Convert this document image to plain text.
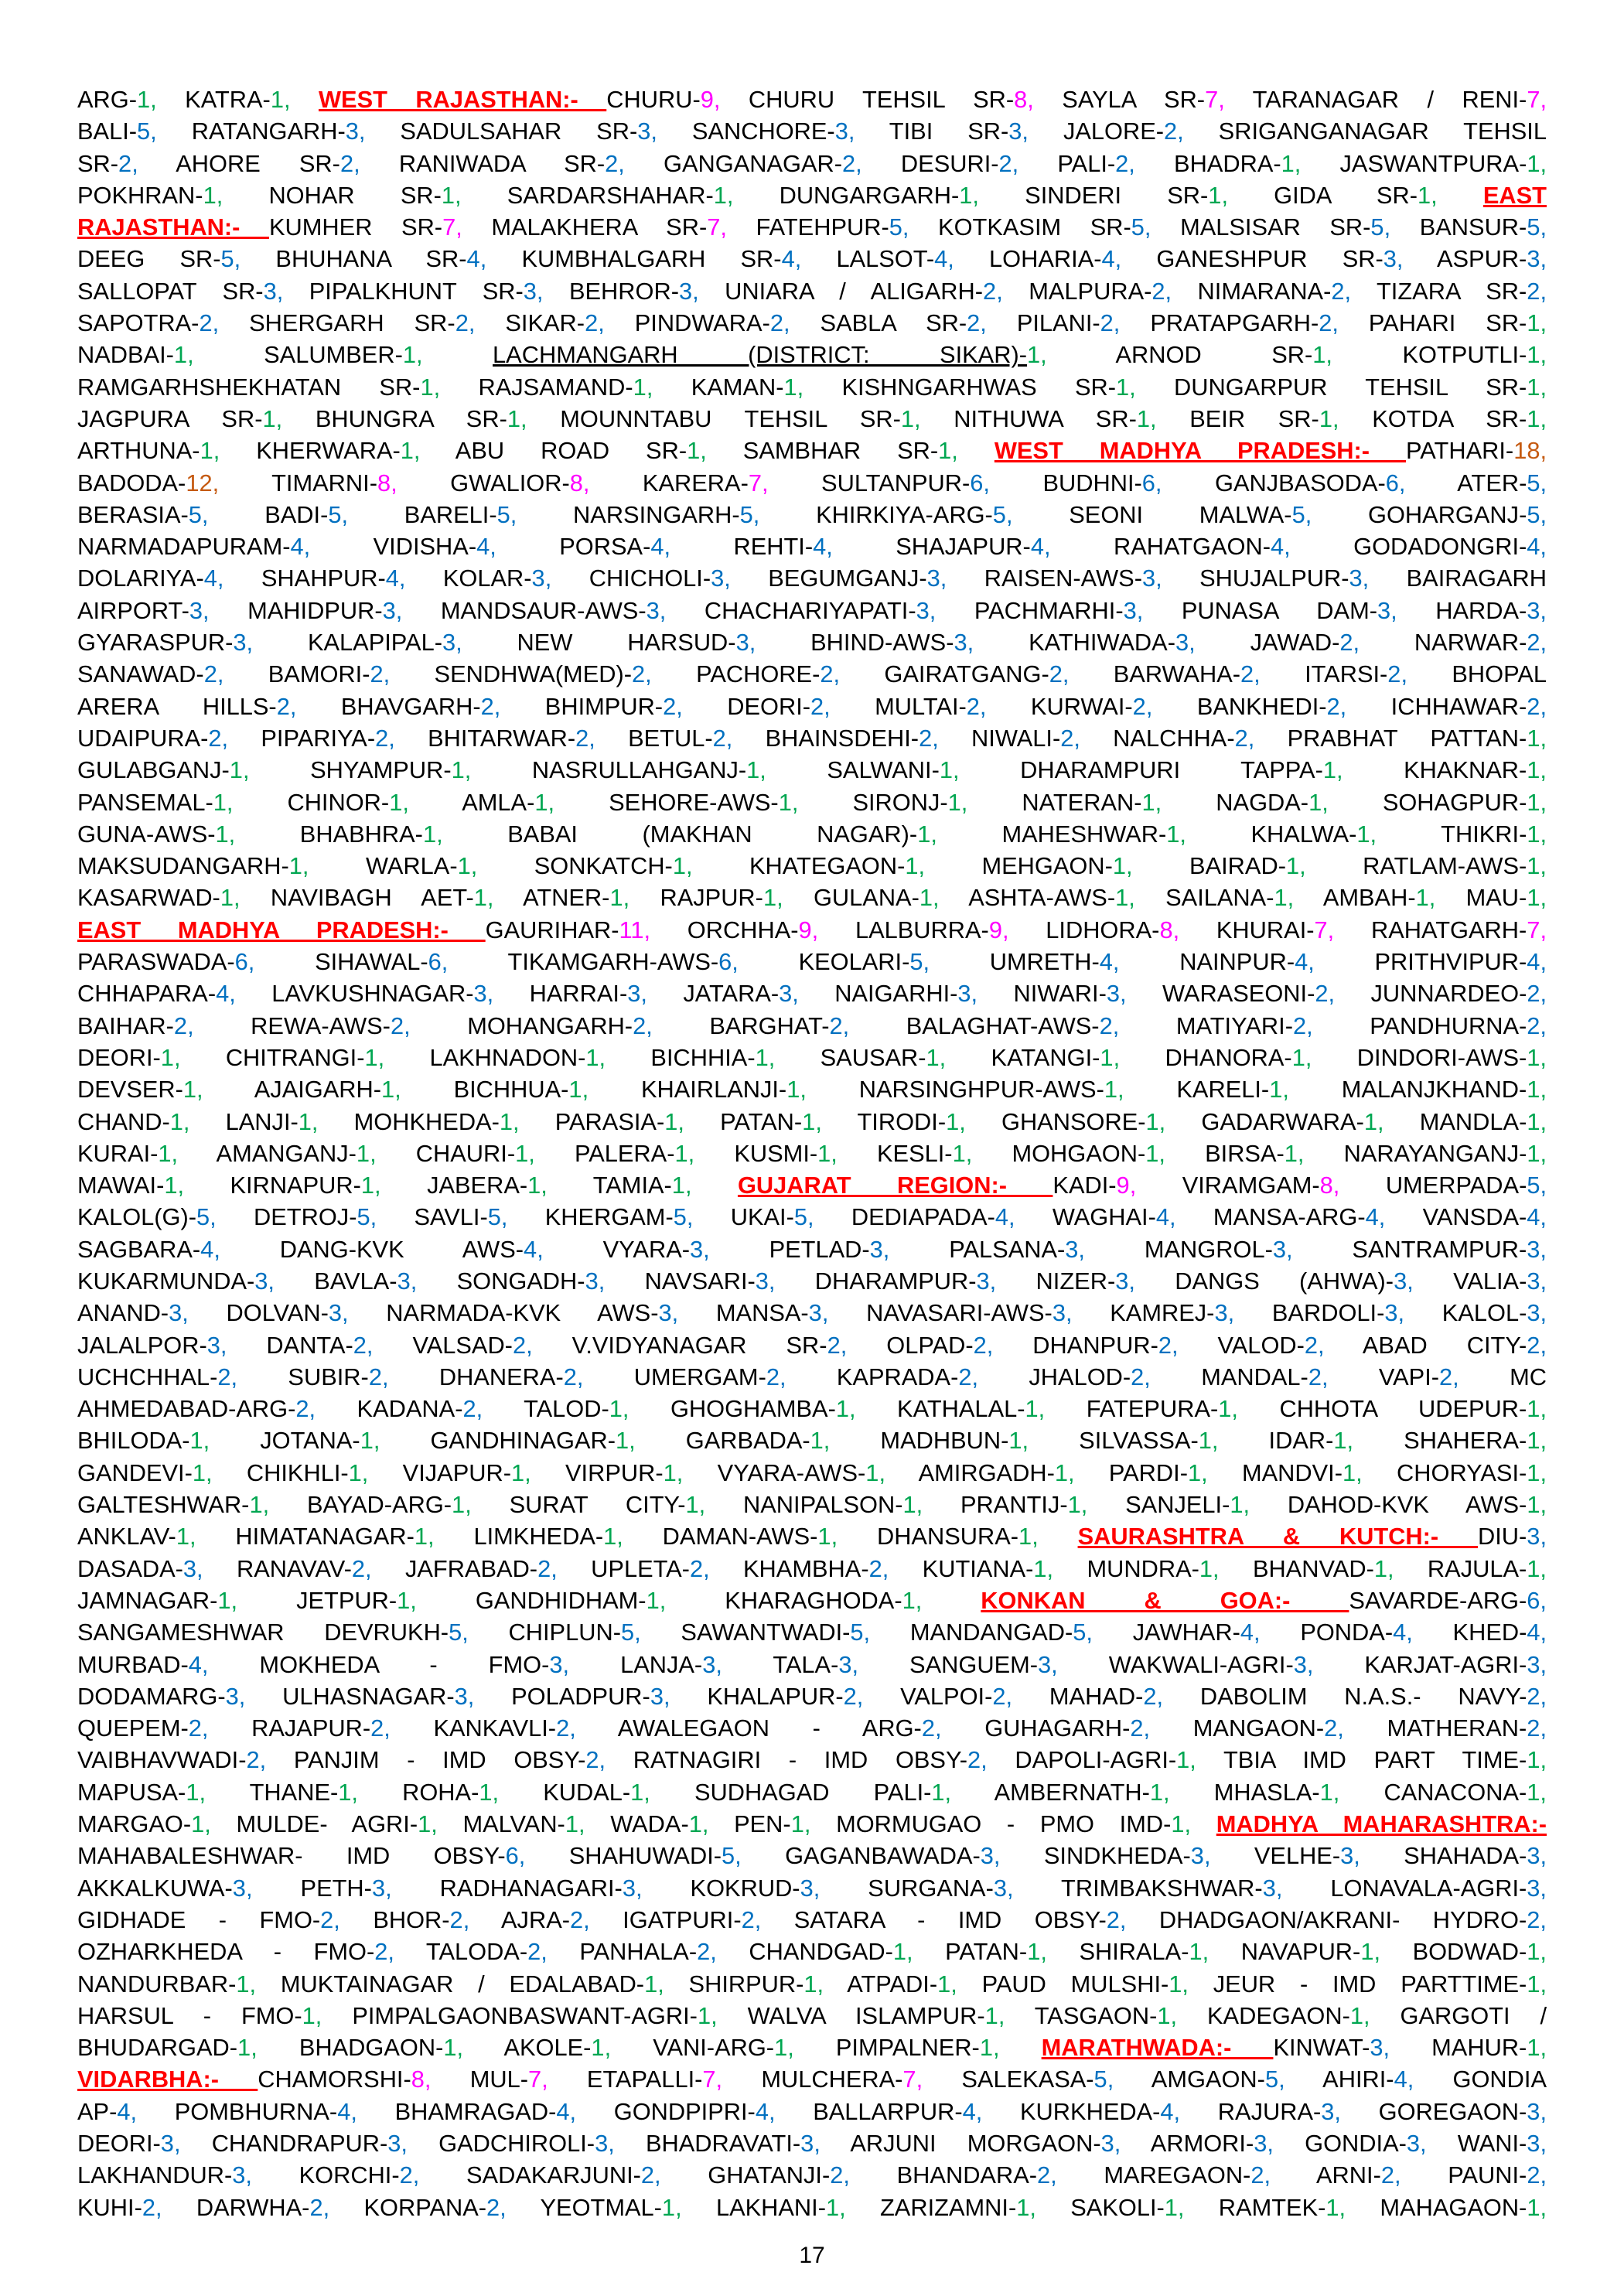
ARG-1, KATRA-1, WEST RAJASTHAN:- CHURU-9, CHURU TEHSIL SR-8, SAYLA SR-7, TARANAGAR / RENI-7,
BALI-5, RATANGARH-3, SADULSAHAR SR-3, SANCHORE-3, TIBI SR-3, JALORE-2, SRIGANGANAGAR TEHSIL
SR-2, AHORE SR-2, RANIWADA SR-2, GANGANAGAR-2, DESURI-2, PALI-2, BHADRA-1, JASWANTPURA-1,
POKHRAN-1, NOHAR SR-1, SARDARSHAHAR-1, DUNGARGARH-1, SINDERI SR-1, GIDA SR-1, EAST
RAJASTHAN:- KUMHER SR-7, MALAKHERA SR-7, FATEHPUR-5, KOTKASIM SR-5, MALSISAR SR-5, BANSUR-5,
DEEG SR-5, BHUHANA SR-4, KUMBHALGARH SR-4, LALSOT-4, LOHARIA-4, GANESHPUR SR-3, ASPUR-3,
SALLOPAT SR-3, PIPALKHUNT SR-3, BEHROR-3, UNIARA / ALIGARH-2, MALPURA-2, NIMARANA-2, TIZARA SR-2,
SAPOTRA-2, SHERGARH SR-2, SIKAR-2, PINDWARA-2, SABLA SR-2, PILANI-2, PRATAPGARH-2, PAHARI SR-1,
NADBAI-1,	SALUMBER-1,	LACHMANGARH (DISTRICT: SIKAR)-1,	ARNOD SR-1,	KOTPUTLI-1,
RAMGARHSHEKHATAN SR-1, RAJSAMAND-1, KAMAN-1, KISHNGARHWAS SR-1, DUNGARPUR TEHSIL SR-1,
JAGPURA SR-1, BHUNGRA SR-1, MOUNNTABU TEHSIL SR-1, NITHUWA SR-1, BEIR SR-1, KOTDA SR-1,
ARTHUNA-1, KHERWARA-1, ABU ROAD SR-1, SAMBHAR SR-1, WEST MADHYA PRADESH:- PATHARI-18,
BADODA-12, TIMARNI-8, GWALIOR-8, KARERA-7, SULTANPUR-6, BUDHNI-6, GANJBASODA-6, ATER-5,
BERASIA-5, BADI-5, BARELI-5, NARSINGARH-5, KHIRKIYA-ARG-5, SEONI MALWA-5, GOHARGANJ-5,
NARMADAPURAM-4,	VIDISHA-4,	PORSA-4,	REHTI-4,	SHAJAPUR-4,	RAHATGAON-4,	GODADONGRI-4,
DOLARIYA-4, SHAHPUR-4, KOLAR-3, CHICHOLI-3, BEGUMGANJ-3, RAISEN-AWS-3, SHUJALPUR-3, BAIRAGARH
AIRPORT-3, MAHIDPUR-3, MANDSAUR-AWS-3, CHACHARIYAPATI-3, PACHMARHI-3, PUNASA DAM-3, HARDA-3,
GYARASPUR-3, KALAPIPAL-3, NEW HARSUD-3, BHIND-AWS-3, KATHIWADA-3, JAWAD-2, NARWAR-2,
SANAWAD-2, BAMORI-2, SENDHWA(MED)-2, PACHORE-2, GAIRATGANG-2, BARWAHA-2, ITARSI-2, BHOPAL
ARERA HILLS-2, BHAVGARH-2, BHIMPUR-2, DEORI-2, MULTAI-2, KURWAI-2, BANKHEDI-2, ICHHAWAR-2,
UDAIPURA-2, PIPARIYA-2, BHITARWAR-2, BETUL-2, BHAINSDEHI-2, NIWALI-2, NALCHHA-2, PRABHAT PATTAN-1,
GULABGANJ-1,	SHYAMPUR-1,	NASRULLAHGANJ-1,	SALWANI-1,	DHARAMPURI TAPPA-1,	KHAKNAR-1,
PANSEMAL-1, CHINOR-1, AMLA-1, SEHORE-AWS-1, SIRONJ-1, NATERAN-1, NAGDA-1, SOHAGPUR-1,
GUNA-AWS-1,	BHABHRA-1,	BABAI (MAKHAN NAGAR)-1,	MAHESHWAR-1,	KHALWA-1,	THIKRI-1,
MAKSUDANGARH-1, WARLA-1, SONKATCH-1, KHATEGAON-1, MEHGAON-1, BAIRAD-1, RATLAM-AWS-1,
KASARWAD-1, NAVIBAGH AET-1, ATNER-1, RAJPUR-1, GULANA-1, ASHTA-AWS-1, SAILANA-1, AMBAH-1, MAU-1,
EAST MADHYA PRADESH:- GAURIHAR-11, ORCHHA-9, LALBURRA-9, LIDHORA-8, KHURAI-7, RAHATGARH-7,
PARASWADA-6,	SIHAWAL-6,	TIKAMGARH-AWS-6,	KEOLARI-5,	UMRETH-4,	NAINPUR-4,	PRITHVIPUR-4,
CHHAPARA-4, LAVKUSHNAGAR-3, HARRAI-3, JATARA-3, NAIGARHI-3, NIWARI-3, WARASEONI-2, JUNNARDEO-2,
BAIHAR-2, REWA-AWS-2, MOHANGARH-2, BARGHAT-2, BALAGHAT-AWS-2, MATIYARI-2, PANDHURNA-2,
DEORI-1, CHITRANGI-1, LAKHNADON-1, BICHHIA-1, SAUSAR-1, KATANGI-1, DHANORA-1, DINDORI-AWS-1,
DEVSER-1, AJAIGARH-1, BICHHUA-1, KHAIRLANJI-1, NARSINGHPUR-AWS-1, KARELI-1, MALANJKHAND-1,
CHAND-1, LANJI-1, MOHKHEDA-1, PARASIA-1, PATAN-1, TIRODI-1, GHANSORE-1, GADARWARA-1, MANDLA-1,
KURAI-1, AMANGANJ-1, CHAURI-1, PALERA-1, KUSMI-1, KESLI-1, MOHGAON-1, BIRSA-1, NARAYANGANJ-1,
MAWAI-1, KIRNAPUR-1, JABERA-1, TAMIA-1, GUJARAT REGION:- KADI-9, VIRAMGAM-8, UMERPADA-5,
KALOL(G)-5, DETROJ-5, SAVLI-5, KHERGAM-5, UKAI-5, DEDIAPADA-4, WAGHAI-4, MANSA-ARG-4, VANSDA-4,
SAGBARA-4, DANG-KVK AWS-4, VYARA-3, PETLAD-3, PALSANA-3, MANGROL-3, SANTRAMPUR-3,
KUKARMUNDA-3, BAVLA-3, SONGADH-3, NAVSARI-3, DHARAMPUR-3, NIZER-3, DANGS (AHWA)-3, VALIA-3,
ANAND-3, DOLVAN-3, NARMADA-KVK AWS-3, MANSA-3, NAVASARI-AWS-3, KAMREJ-3, BARDOLI-3, KALOL-3,
JALALPOR-3, DANTA-2, VALSAD-2, V.VIDYANAGAR SR-2, OLPAD-2, DHANPUR-2, VALOD-2, ABAD CITY-2,
UCHCHHAL-2, SUBIR-2, DHANERA-2, UMERGAM-2, KAPRADA-2, JHALOD-2, MANDAL-2, VAPI-2, MC
AHMEDABAD-ARG-2, KADANA-2, TALOD-1, GHOGHAMBA-1, KATHALAL-1, FATEPURA-1, CHHOTA UDEPUR-1,
BHILODA-1, JOTANA-1, GANDHINAGAR-1, GARBADA-1, MADHBUN-1, SILVASSA-1, IDAR-1, SHAHERA-1,
GANDEVI-1, CHIKHLI-1, VIJAPUR-1, VIRPUR-1, VYARA-AWS-1, AMIRGADH-1, PARDI-1, MANDVI-1, CHORYASI-1,
GALTESHWAR-1, BAYAD-ARG-1, SURAT CITY-1, NANIPALSON-1, PRANTIJ-1, SANJELI-1, DAHOD-KVK AWS-1,
ANKLAV-1, HIMATANAGAR-1, LIMKHEDA-1, DAMAN-AWS-1, DHANSURA-1, SAURASHTRA & KUTCH:- DIU-3,
DASADA-3, RANAVAV-2, JAFRABAD-2, UPLETA-2, KHAMBHA-2, KUTIANA-1, MUNDRA-1, BHANVAD-1, RAJULA-1,
JAMNAGAR-1, JETPUR-1, GANDHIDHAM-1, KHARAGHODA-1, KONKAN & GOA:- SAVARDE-ARG-6,
SANGAMESHWAR DEVRUKH-5, CHIPLUN-5, SAWANTWADI-5, MANDANGAD-5, JAWHAR-4, PONDA-4, KHED-4,
MURBAD-4, MOKHEDA - FMO-3, LANJA-3, TALA-3, SANGUEM-3, WAKWALI-AGRI-3, KARJAT-AGRI-3,
DODAMARG-3, ULHASNAGAR-3, POLADPUR-3, KHALAPUR-2, VALPOI-2, MAHAD-2, DABOLIM N.A.S.- NAVY-2,
QUEPEM-2, RAJAPUR-2, KANKAVLI-2, AWALEGAON - ARG-2, GUHAGARH-2, MANGAON-2, MATHERAN-2,
VAIBHAVWADI-2, PANJIM - IMD OBSY-2, RATNAGIRI - IMD OBSY-2, DAPOLI-AGRI-1, TBIA IMD PART TIME-1,
MAPUSA-1, THANE-1, ROHA-1, KUDAL-1, SUDHAGAD PALI-1, AMBERNATH-1, MHASLA-1, CANACONA-1,
MARGAO-1, MULDE- AGRI-1, MALVAN-1, WADA-1, PEN-1, MORMUGAO - PMO IMD-1, MADHYA MAHARASHTRA:-
MAHABALESHWAR- IMD OBSY-6, SHAHUWADI-5, GAGANBAWADA-3, SINDKHEDA-3, VELHE-3, SHAHADA-3,
AKKALKUWA-3, PETH-3, RADHANAGARI-3, KOKRUD-3, SURGANA-3, TRIMBAKSHWAR-3, LONAVALA-AGRI-3,
GIDHADE - FMO-2, BHOR-2, AJRA-2, IGATPURI-2, SATARA - IMD OBSY-2, DHADGAON/AKRANI- HYDRO-2,
OZHARKHEDA - FMO-2, TALODA-2, PANHALA-2, CHANDGAD-1, PATAN-1, SHIRALA-1, NAVAPUR-1, BODWAD-1,
NANDURBAR-1, MUKTAINAGAR / EDALABAD-1, SHIRPUR-1, ATPADI-1, PAUD MULSHI-1, JEUR - IMD PARTTIME-1,
HARSUL - FMO-1, PIMPALGAONBASWANT-AGRI-1, WALVA ISLAMPUR-1, TASGAON-1, KADEGAON-1, GARGOTI /
BHUDARGAD-1, BHADGAON-1, AKOLE-1, VANI-ARG-1, PIMPALNER-1, MARATHWADA:- KINWAT-3, MAHUR-1,
VIDARBHA:- CHAMORSHI-8, MUL-7, ETAPALLI-7, MULCHERA-7, SALEKASA-5, AMGAON-5, AHIRI-4, GONDIA
AP-4, POMBHURNA-4, BHAMRAGAD-4, GONDPIPRI-4, BALLARPUR-4, KURKHEDA-4, RAJURA-3, GOREGAON-3,
DEORI-3, CHANDRAPUR-3, GADCHIROLI-3, BHADRAVATI-3, ARJUNI MORGAON-3, ARMORI-3, GONDIA-3, WANI-3,
LAKHANDUR-3, KORCHI-2, SADAKARJUNI-2, GHATANJI-2, BHANDARA-2, MAREGAON-2, ARNI-2, PAUNI-2,
KUHI-2, DARWHA-2, KORPANA-2, YEOTMAL-1, LAKHANI-1, ZARIZAMNI-1, SAKOLI-1, RAMTEK-1, MAHAGAON-1,
17
